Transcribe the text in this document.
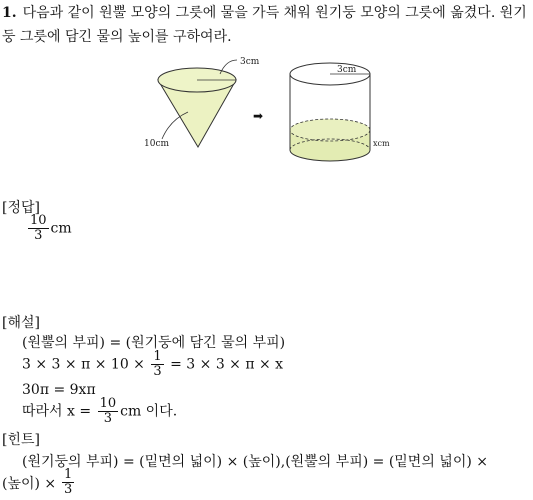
1. 다음과 같이 원뿔 모양의 그릇에 물을 가득 채워 원기둥 모양의 그릇에 옮겼다. 원기둥 그릇에 담긴 물의 높이를 구하여라.
3cm
10cm
➡
3cm
xcm
[정답]
$\frac{10}{3}$ cm
[해설]
(원뿔의 부피) = (원기둥에 담긴 물의 부피)
$3 \times 3 \times \pi \times 10 \times \frac{1}{3} = 3 \times 3 \times \pi \times x$
30π = 9xπ
따라서 $x = \frac{10}{3}$ cm 이다.
[힌트]
(원기둥의 부피) = (밑면의 넓이) × (높이),(원뿔의 부피) = (밑면의 넓이) ×
(높이) × $\frac{1}{3}$
